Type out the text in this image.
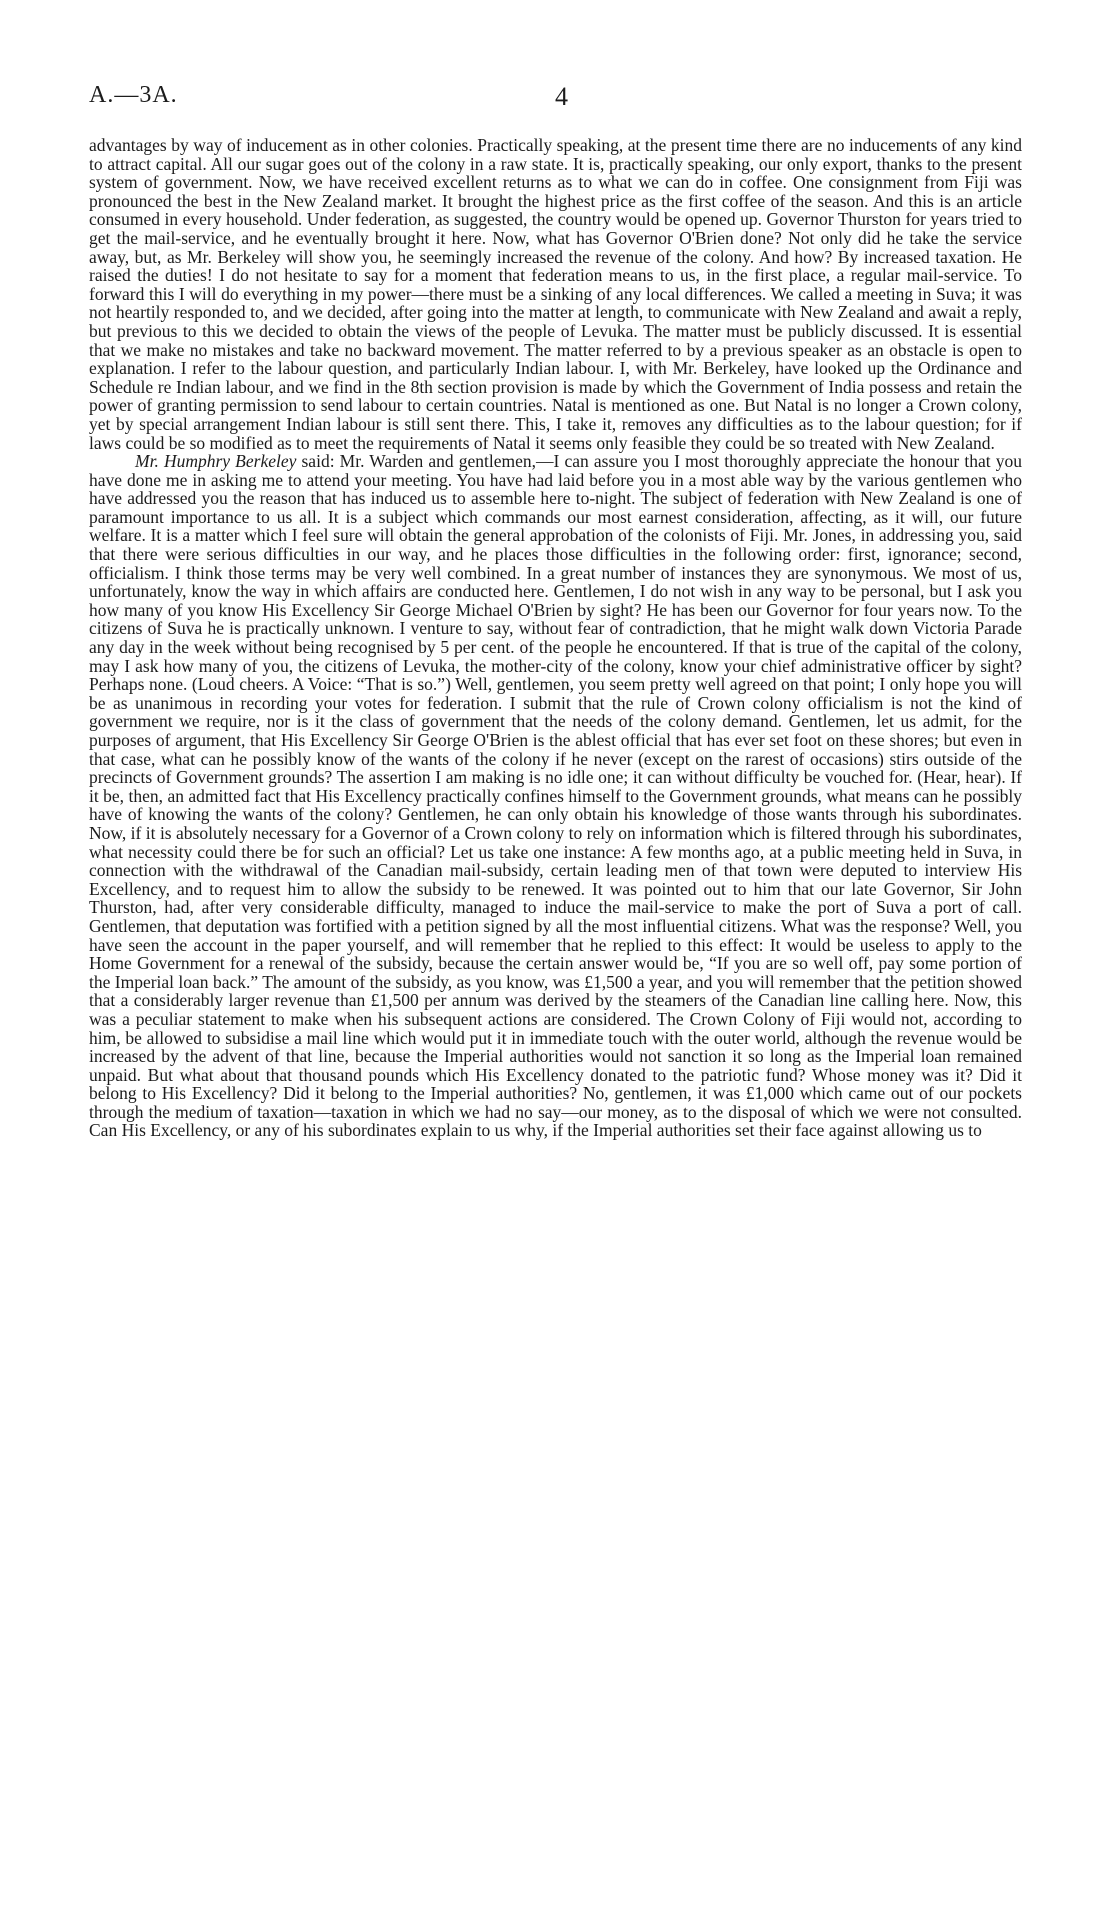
A.—3A.	4

advantages by way of inducement as in other colonies. Practically speaking, at the present time there are no inducements of any kind to attract capital. All our sugar goes out of the colony in a raw state. It is, practically speaking, our only export, thanks to the present system of government. Now, we have received excellent returns as to what we can do in coffee. One consignment from Fiji was pronounced the best in the New Zealand market. It brought the highest price as the first coffee of the season. And this is an article consumed in every household. Under federation, as suggested, the country would be opened up. Governor Thurston for years tried to get the mail-service, and he eventually brought it here. Now, what has Governor O'Brien done? Not only did he take the service away, but, as Mr. Berkeley will show you, he seemingly increased the revenue of the colony. And how? By increased taxation. He raised the duties! I do not hesitate to say for a moment that federation means to us, in the first place, a regular mail-service. To forward this I will do everything in my power—there must be a sinking of any local differences. We called a meeting in Suva; it was not heartily responded to, and we decided, after going into the matter at length, to communicate with New Zealand and await a reply, but previous to this we decided to obtain the views of the people of Levuka. The matter must be publicly discussed. It is essential that we make no mistakes and take no backward movement. The matter referred to by a previous speaker as an obstacle is open to explanation. I refer to the labour question, and particularly Indian labour. I, with Mr. Berkeley, have looked up the Ordinance and Schedule re Indian labour, and we find in the 8th section provision is made by which the Government of India possess and retain the power of granting permission to send labour to certain countries. Natal is mentioned as one. But Natal is no longer a Crown colony, yet by special arrangement Indian labour is still sent there. This, I take it, removes any difficulties as to the labour question; for if laws could be so modified as to meet the requirements of Natal it seems only feasible they could be so treated with New Zealand.

Mr. Humphry Berkeley said: Mr. Warden and gentlemen,—I can assure you I most thoroughly appreciate the honour that you have done me in asking me to attend your meeting. You have had laid before you in a most able way by the various gentlemen who have addressed you the reason that has induced us to assemble here to-night. The subject of federation with New Zealand is one of paramount importance to us all. It is a subject which commands our most earnest consideration, affecting, as it will, our future welfare. It is a matter which I feel sure will obtain the general approbation of the colonists of Fiji. Mr. Jones, in addressing you, said that there were serious difficulties in our way, and he places those difficulties in the following order: first, ignorance; second, officialism. I think those terms may be very well combined. In a great number of instances they are synonymous. We most of us, unfortunately, know the way in which affairs are conducted here. Gentlemen, I do not wish in any way to be personal, but I ask you how many of you know His Excellency Sir George Michael O'Brien by sight? He has been our Governor for four years now. To the citizens of Suva he is practically unknown. I venture to say, without fear of contradiction, that he might walk down Victoria Parade any day in the week without being recognised by 5 per cent. of the people he encountered. If that is true of the capital of the colony, may I ask how many of you, the citizens of Levuka, the mother-city of the colony, know your chief administrative officer by sight? Perhaps none. (Loud cheers. A Voice: “That is so.”) Well, gentlemen, you seem pretty well agreed on that point; I only hope you will be as unanimous in recording your votes for federation. I submit that the rule of Crown colony officialism is not the kind of government we require, nor is it the class of government that the needs of the colony demand. Gentlemen, let us admit, for the purposes of argument, that His Excellency Sir George O'Brien is the ablest official that has ever set foot on these shores; but even in that case, what can he possibly know of the wants of the colony if he never (except on the rarest of occasions) stirs outside of the precincts of Government grounds? The assertion I am making is no idle one; it can without difficulty be vouched for. (Hear, hear). If it be, then, an admitted fact that His Excellency practically confines himself to the Government grounds, what means can he possibly have of knowing the wants of the colony? Gentlemen, he can only obtain his knowledge of those wants through his subordinates. Now, if it is absolutely necessary for a Governor of a Crown colony to rely on information which is filtered through his subordinates, what necessity could there be for such an official? Let us take one instance: A few months ago, at a public meeting held in Suva, in connection with the withdrawal of the Canadian mail-subsidy, certain leading men of that town were deputed to interview His Excellency, and to request him to allow the subsidy to be renewed. It was pointed out to him that our late Governor, Sir John Thurston, had, after very considerable difficulty, managed to induce the mail-service to make the port of Suva a port of call. Gentlemen, that deputation was fortified with a petition signed by all the most influential citizens. What was the response? Well, you have seen the account in the paper yourself, and will remember that he replied to this effect: It would be useless to apply to the Home Government for a renewal of the subsidy, because the certain answer would be, “If you are so well off, pay some portion of the Imperial loan back.” The amount of the subsidy, as you know, was £1,500 a year, and you will remember that the petition showed that a considerably larger revenue than £1,500 per annum was derived by the steamers of the Canadian line calling here. Now, this was a peculiar statement to make when his subsequent actions are considered. The Crown Colony of Fiji would not, according to him, be allowed to subsidise a mail line which would put it in immediate touch with the outer world, although the revenue would be increased by the advent of that line, because the Imperial authorities would not sanction it so long as the Imperial loan remained unpaid. But what about that thousand pounds which His Excellency donated to the patriotic fund? Whose money was it? Did it belong to His Excellency? Did it belong to the Imperial authorities? No, gentlemen, it was £1,000 which came out of our pockets through the medium of taxation—taxation in which we had no say—our money, as to the disposal of which we were not consulted. Can His Excellency, or any of his subordinates explain to us why, if the Imperial authorities set their face against allowing us to
